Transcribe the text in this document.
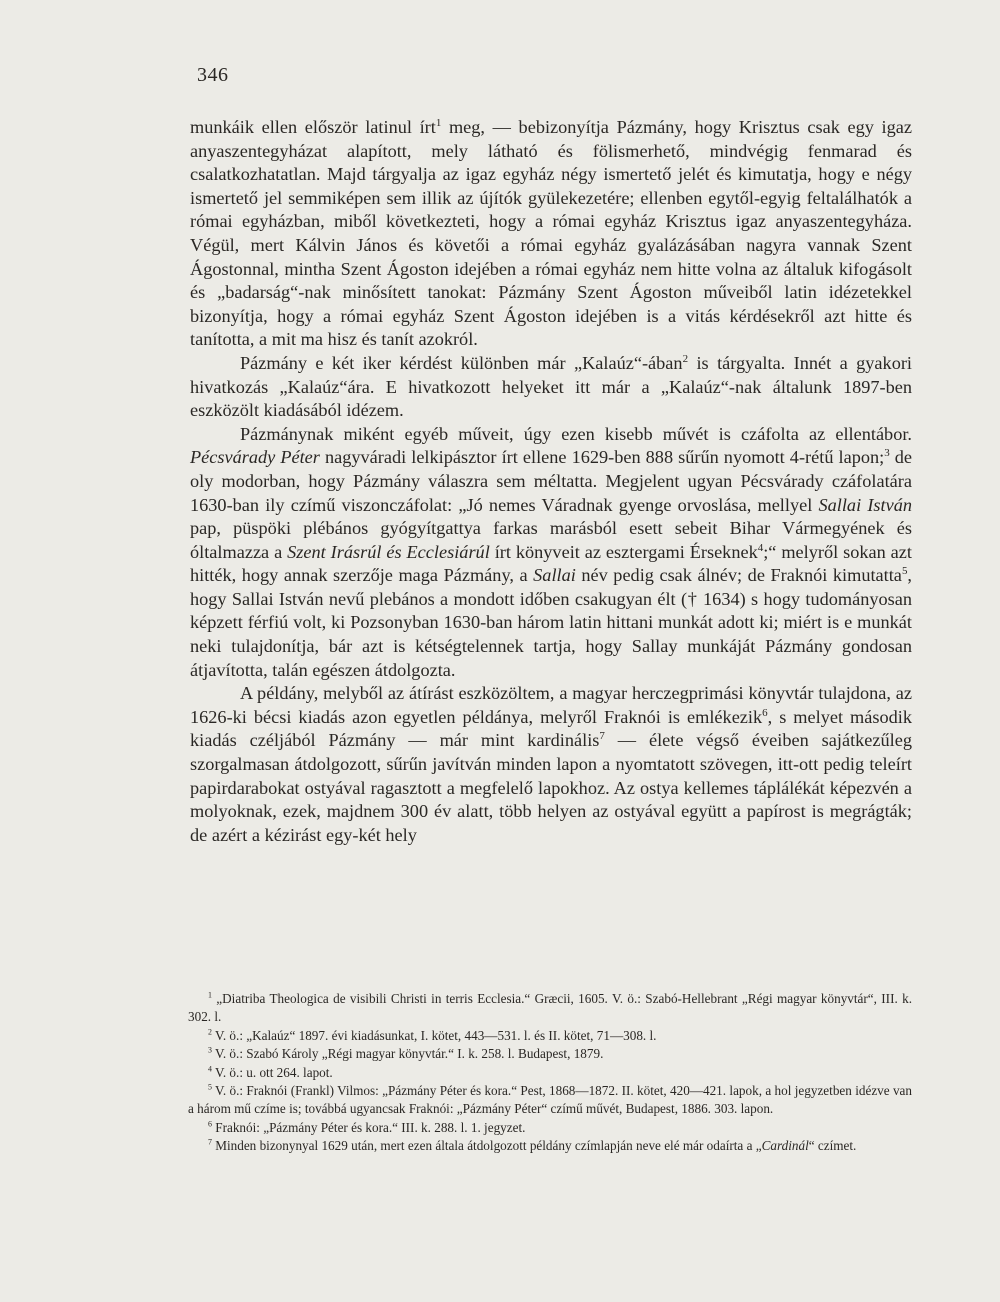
346

munkáik ellen először latinul írt$^1$ meg, — bebizonyítja Pázmány, hogy Krisztus csak egy igaz anyaszentegyházat alapított, mely látható és fölismerhető, mindvégig fenmarad és csalatkozhatatlan. Majd tárgyalja az igaz egyház négy ismertető jelét és kimutatja, hogy e négy ismertető jel semmiképen sem illik az újítók gyülekezetére; ellenben egytől-egyig feltalálhatók a római egyházban, miből következteti, hogy a római egyház Krisztus igaz anyaszentegyháza. Végül, mert Kálvin János és követői a római egyház gyalázásában nagyra vannak Szent Ágostonnal, mintha Szent Ágoston idejében a római egyház nem hitte volna az általuk kifogásolt és „badarság“-nak minősített tanokat: Pázmány Szent Ágoston műveiből latin idézetekkel bizonyítja, hogy a római egyház Szent Ágoston idejében is a vitás kérdésekről azt hitte és tanította, a mit ma hisz és tanít azokról.

Pázmány e két iker kérdést különben már „Kalaúz“-ában$^2$ is tárgyalta. Innét a gyakori hivatkozás „Kalaúz“ára. E hivatkozott helyeket itt már a „Kalaúz“-nak általunk 1897-ben eszközölt kiadásából idézem.

Pázmánynak miként egyéb műveit, úgy ezen kisebb művét is czáfolta az ellentábor. Pécsvárady Péter nagyváradi lelkipásztor írt ellene 1629-ben 888 sűrűn nyomott 4-rétű lapon;$^3$ de oly modorban, hogy Pázmány válaszra sem méltatta. Megjelent ugyan Pécsvárady czáfolatára 1630-ban ily czímű viszonczáfolat: „Jó nemes Váradnak gyenge orvoslása, mellyel Sallai István pap, püspöki plébános gyógyítgattya farkas marásból esett sebeit Bihar Vármegyének és óltalmazza a Szent Irásrúl és Ecclesiárúl írt könyveit az esztergami Érseknek$^4$;“ melyről sokan azt hitték, hogy annak szerzője maga Pázmány, a Sallai név pedig csak álnév; de Fraknói kimutatta$^5$, hogy Sallai István nevű plebános a mondott időben csakugyan élt († 1634) s hogy tudományosan képzett férfiú volt, ki Pozsonyban 1630-ban három latin hittani munkát adott ki; miért is e munkát neki tulajdonítja, bár azt is kétségtelennek tartja, hogy Sallay munkáját Pázmány gondosan átjavította, talán egészen átdolgozta.

A példány, melyből az átírást eszközöltem, a magyar herczegprimási könyvtár tulajdona, az 1626-ki bécsi kiadás azon egyetlen példánya, melyről Fraknói is emlékezik$^6$, s melyet második kiadás czéljából Pázmány — már mint kardinális$^7$ — élete végső éveiben sajátkezűleg szorgalmasan átdolgozott, sűrűn javítván minden lapon a nyomtatott szövegen, itt-ott pedig teleírt papirdarabokat ostyával ragasztott a megfelelő lapokhoz. Az ostya kellemes táplálékát képezvén a molyoknak, ezek, majdnem 300 év alatt, több helyen az ostyával együtt a papírost is megrágták; de azért a kézirást egy-két hely

$^1$ „Diatriba Theologica de visibili Christi in terris Ecclesia.“ Græcii, 1605. V. ö.: Szabó-Hellebrant „Régi magyar könyvtár“, III. k. 302. l.

$^2$ V. ö.: „Kalaúz“ 1897. évi kiadásunkat, I. kötet, 443—531. l. és II. kötet, 71—308. l.

$^3$ V. ö.: Szabó Károly „Régi magyar könyvtár.“ I. k. 258. l. Budapest, 1879.

$^4$ V. ö.: u. ott 264. lapot.

$^5$ V. ö.: Fraknói (Frankl) Vilmos: „Pázmány Péter és kora.“ Pest, 1868—1872. II. kötet, 420—421. lapok, a hol jegyzetben idézve van a három mű czíme is; továbbá ugyancsak Fraknói: „Pázmány Péter“ czímű művét, Budapest, 1886. 303. lapon.

$^6$ Fraknói: „Pázmány Péter és kora.“ III. k. 288. l. 1. jegyzet.

$^7$ Minden bizonynyal 1629 után, mert ezen általa átdolgozott példány czímlapján neve elé már odaírta a „Cardinál“ czímet.
